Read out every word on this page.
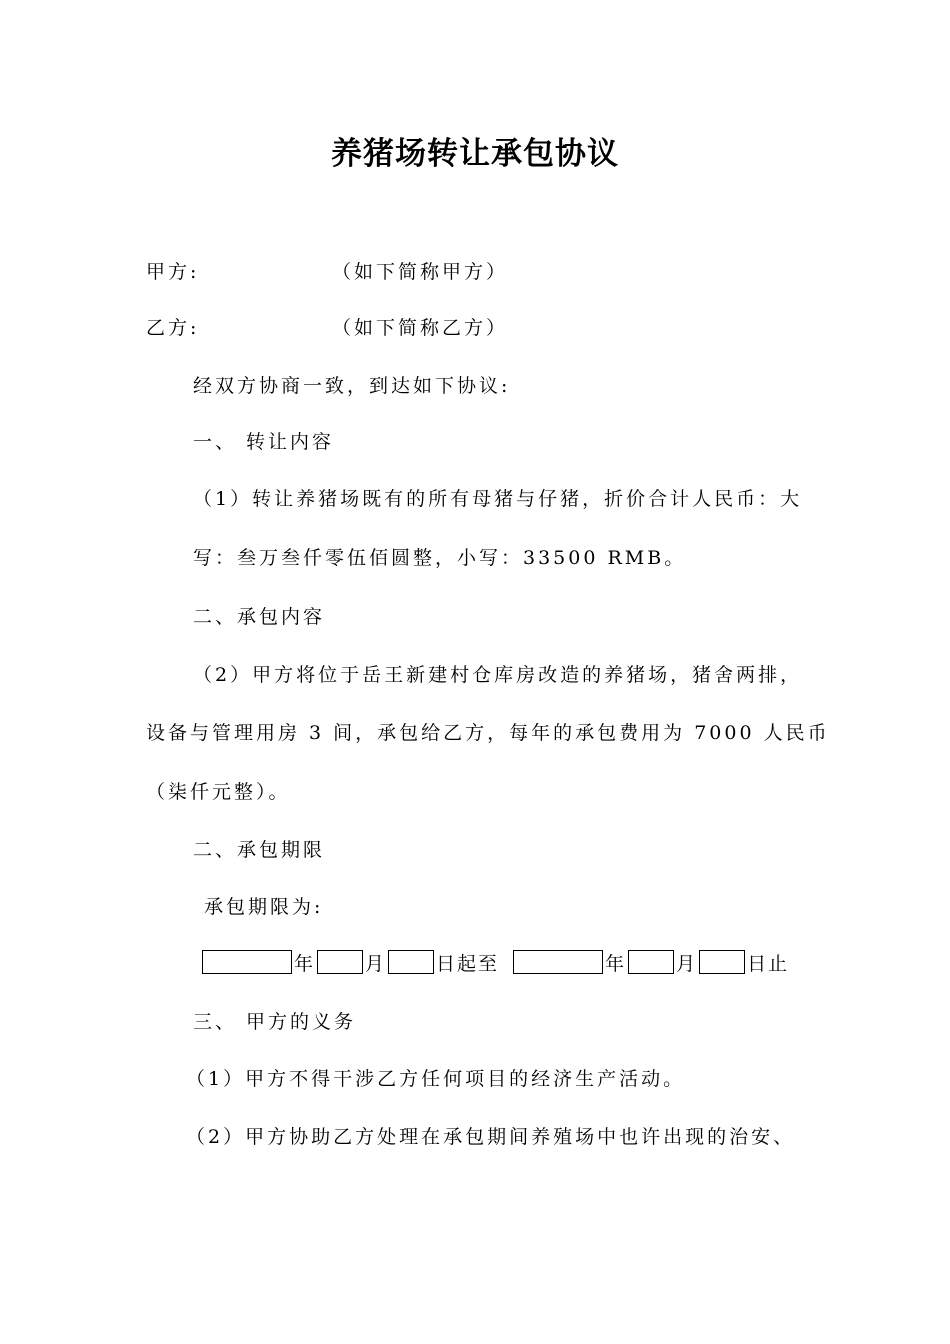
养猪场转让承包协议
甲方:	（如下简称甲方）
乙方:	（如下简称乙方）
经双方协商一致，到达如下协议:
一、 转让内容
（1）转让养猪场既有的所有母猪与仔猪，折价合计人民币：大
写：叁万叁仟零伍佰圆整，小写：33500 RMB。
二、承包内容
（2）甲方将位于岳王新建村仓库房改造的养猪场，猪舍两排，
设备与管理用房 3 间，承包给乙方，每年的承包费用为 7000 人民币
（柒仟元整）。
二、承包期限
承包期限为:
年	月	日起至	年	月	日止
三、 甲方的义务
（1）甲方不得干涉乙方任何项目的经济生产活动。
（2）甲方协助乙方处理在承包期间养殖场中也许出现的治安、
